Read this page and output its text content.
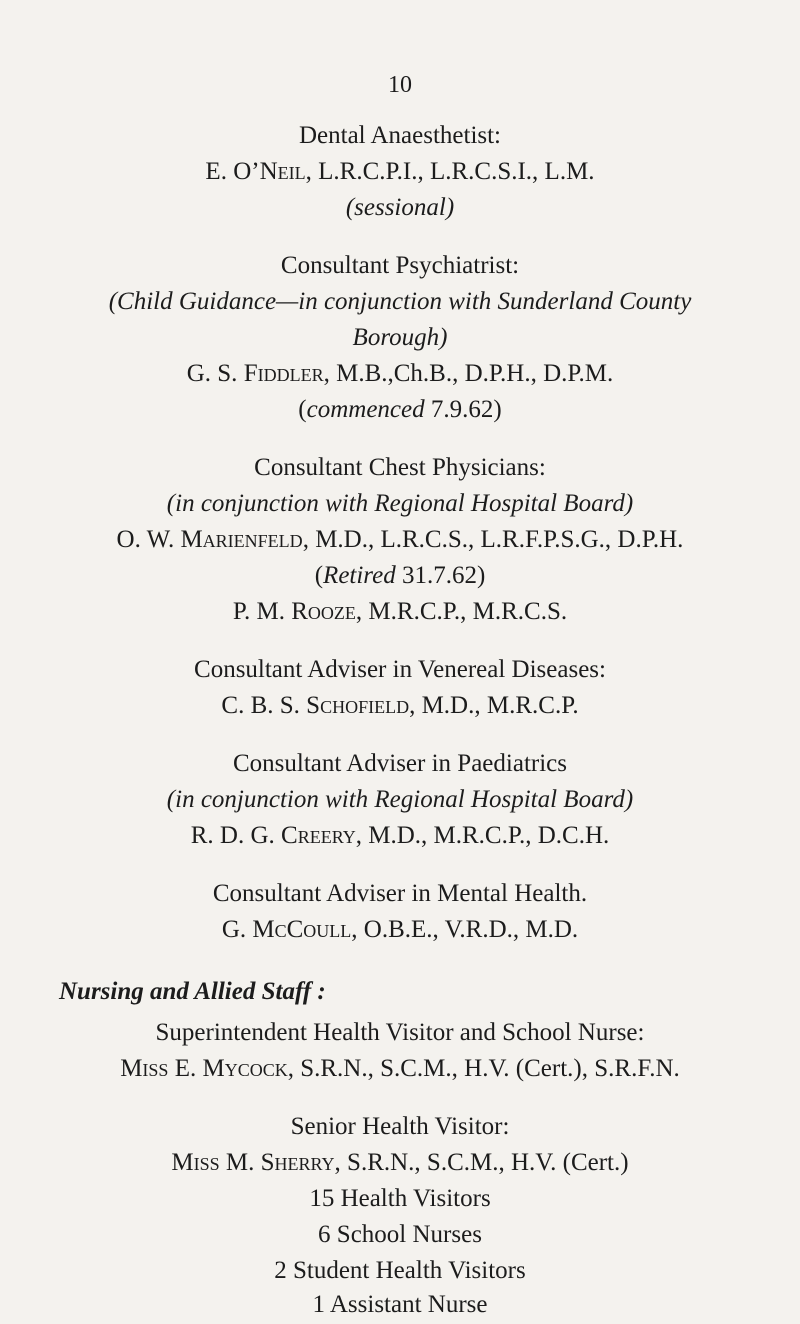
10
Dental Anaesthetist:
E. O’Neil, L.R.C.P.I., L.R.C.S.I., L.M.
(sessional)
Consultant Psychiatrist:
(Child Guidance—in conjunction with Sunderland County
Borough)
G. S. Fiddler, M.B.,Ch.B., D.P.H., D.P.M.
(commenced 7.9.62)
Consultant Chest Physicians:
(in conjunction with Regional Hospital Board)
O. W. Marienfeld, M.D., L.R.C.S., L.R.F.P.S.G., D.P.H.
(Retired 31.7.62)
P. M. Rooze, M.R.C.P., M.R.C.S.
Consultant Adviser in Venereal Diseases:
C. B. S. Schofield, M.D., M.R.C.P.
Consultant Adviser in Paediatrics
(in conjunction with Regional Hospital Board)
R. D. G. Creery, M.D., M.R.C.P., D.C.H.
Consultant Adviser in Mental Health.
G. McCoull, O.B.E., V.R.D., M.D.
Nursing and Allied Staff :
Superintendent Health Visitor and School Nurse:
Miss E. Mycock, S.R.N., S.C.M., H.V. (Cert.), S.R.F.N.
Senior Health Visitor:
Miss M. Sherry, S.R.N., S.C.M., H.V. (Cert.)
15 Health Visitors
6 School Nurses
2 Student Health Visitors
1 Assistant Nurse
